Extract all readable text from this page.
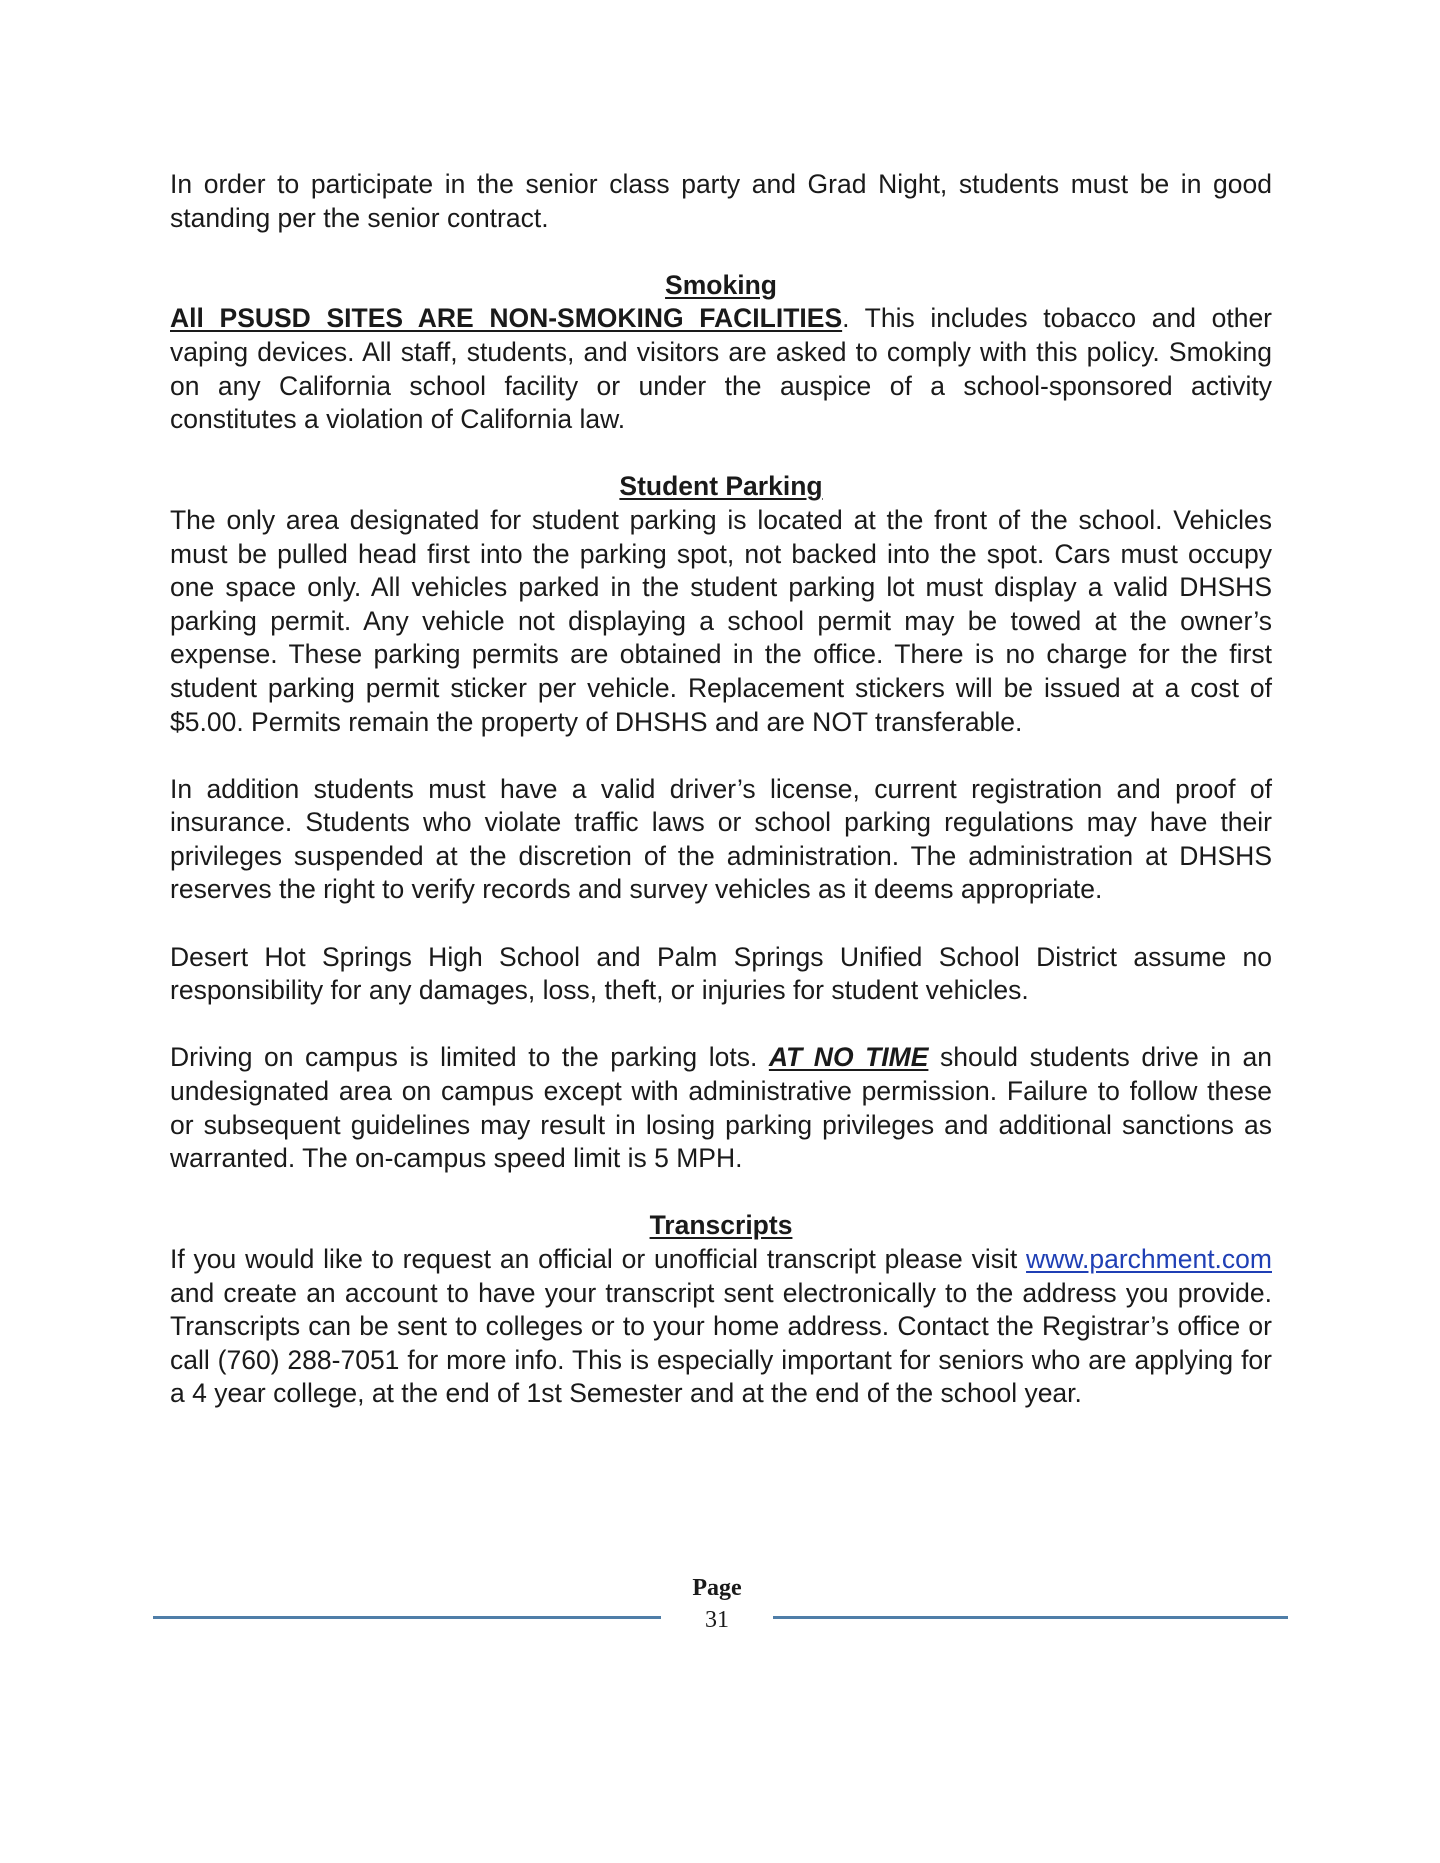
In order to participate in the senior class party and Grad Night, students must be in good standing per the senior contract.

Smoking

All PSUSD SITES ARE NON-SMOKING FACILITIES. This includes tobacco and other vaping devices. All staff, students, and visitors are asked to comply with this policy. Smoking on any California school facility or under the auspice of a school-sponsored activity constitutes a violation of California law.

Student Parking

The only area designated for student parking is located at the front of the school. Vehicles must be pulled head first into the parking spot, not backed into the spot. Cars must occupy one space only. All vehicles parked in the student parking lot must display a valid DHSHS parking permit. Any vehicle not displaying a school permit may be towed at the owner’s expense. These parking permits are obtained in the office. There is no charge for the first student parking permit sticker per vehicle. Replacement stickers will be issued at a cost of $5.00. Permits remain the property of DHSHS and are NOT transferable.

In addition students must have a valid driver’s license, current registration and proof of insurance. Students who violate traffic laws or school parking regulations may have their privileges suspended at the discretion of the administration. The administration at DHSHS reserves the right to verify records and survey vehicles as it deems appropriate.

Desert Hot Springs High School and Palm Springs Unified School District assume no responsibility for any damages, loss, theft, or injuries for student vehicles.

Driving on campus is limited to the parking lots. AT NO TIME should students drive in an undesignated area on campus except with administrative permission. Failure to follow these or subsequent guidelines may result in losing parking privileges and additional sanctions as warranted. The on-campus speed limit is 5 MPH.

Transcripts

If you would like to request an official or unofficial transcript please visit www.parchment.com and create an account to have your transcript sent electronically to the address you provide. Transcripts can be sent to colleges or to your home address. Contact the Registrar’s office or call (760) 288-7051 for more info. This is especially important for seniors who are applying for a 4 year college, at the end of 1st Semester and at the end of the school year.

Page
31
